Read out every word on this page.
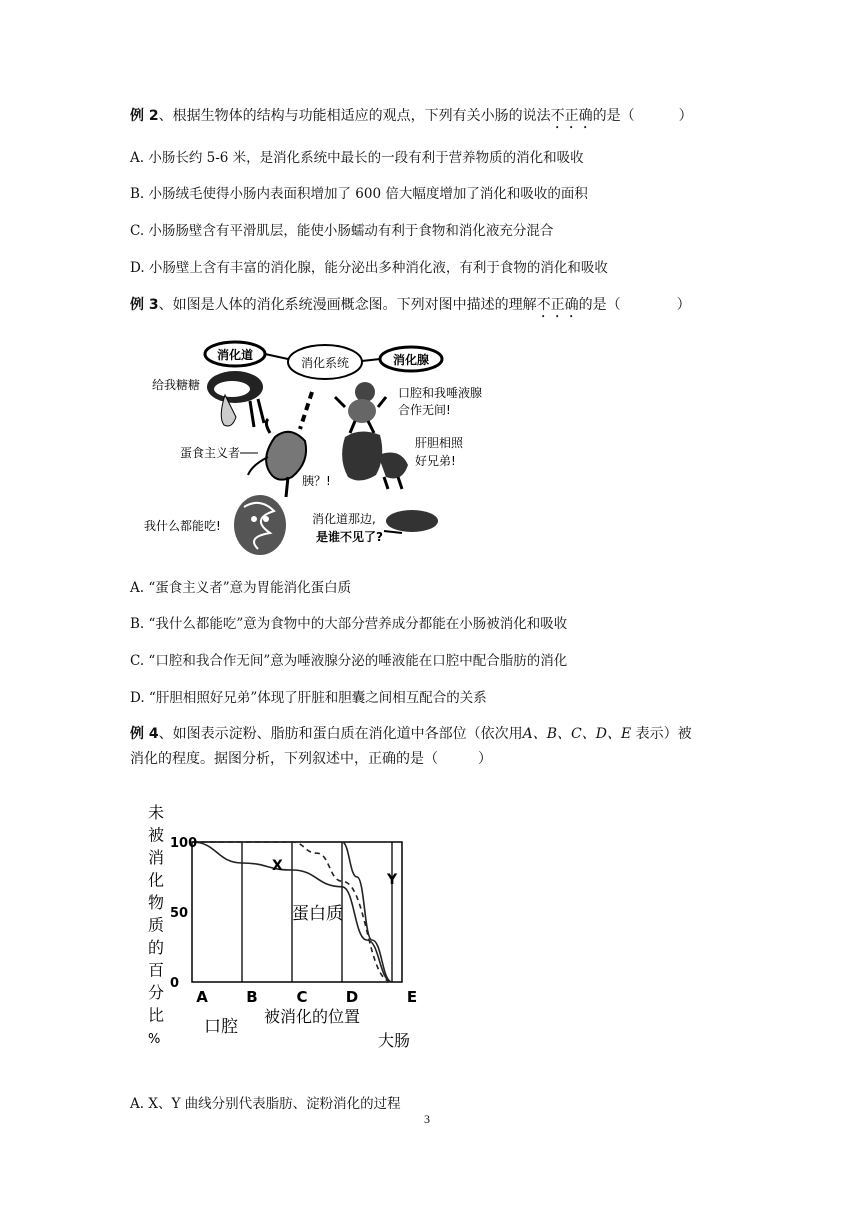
例 2、根据生物体的结构与功能相适应的观点，下列有关小肠的说法不正确的是（	）
A. 小肠长约 5-6 米，是消化系统中最长的一段有利于营养物质的消化和吸收
B. 小肠绒毛使得小肠内表面积增加了 600 倍大幅度增加了消化和吸收的面积
C. 小肠肠壁含有平滑肌层，能使小肠蠕动有利于食物和消化液充分混合
D. 小肠壁上含有丰富的消化腺，能分泌出多种消化液，有利于食物的消化和吸收
例 3、如图是人体的消化系统漫画概念图。下列对图中描述的理解不正确的是（	）
消化道
消化系统	消化腺
给我糖糖
口腔和我唾液腺
合作无间!
蛋食主义者
肝胆相照
好兄弟!
胰？!
我什么都能吃!	消化道那边,
是谁不见了?
A. “蛋食主义者”意为胃能消化蛋白质
B. “我什么都能吃”意为食物中的大部分营养成分都能在小肠被消化和吸收
C. “口腔和我合作无间”意为唾液腺分泌的唾液能在口腔中配合脂肪的消化
D. “肝胆相照好兄弟”体现了肝脏和胆囊之间相互配合的关系
例 4、如图表示淀粉、脂肪和蛋白质在消化道中各部位（依次用A、B、C、D、E 表示）被
消化的程度。据图分析，下列叙述中，正确的是（	）
未
被
消
化
物
质
的
百
分
比
%
X
Y
蛋白质
100
50
0
A	B	C	D	E
口腔
被消化的位置
大肠
A. X、Y 曲线分别代表脂肪、淀粉消化的过程
3
